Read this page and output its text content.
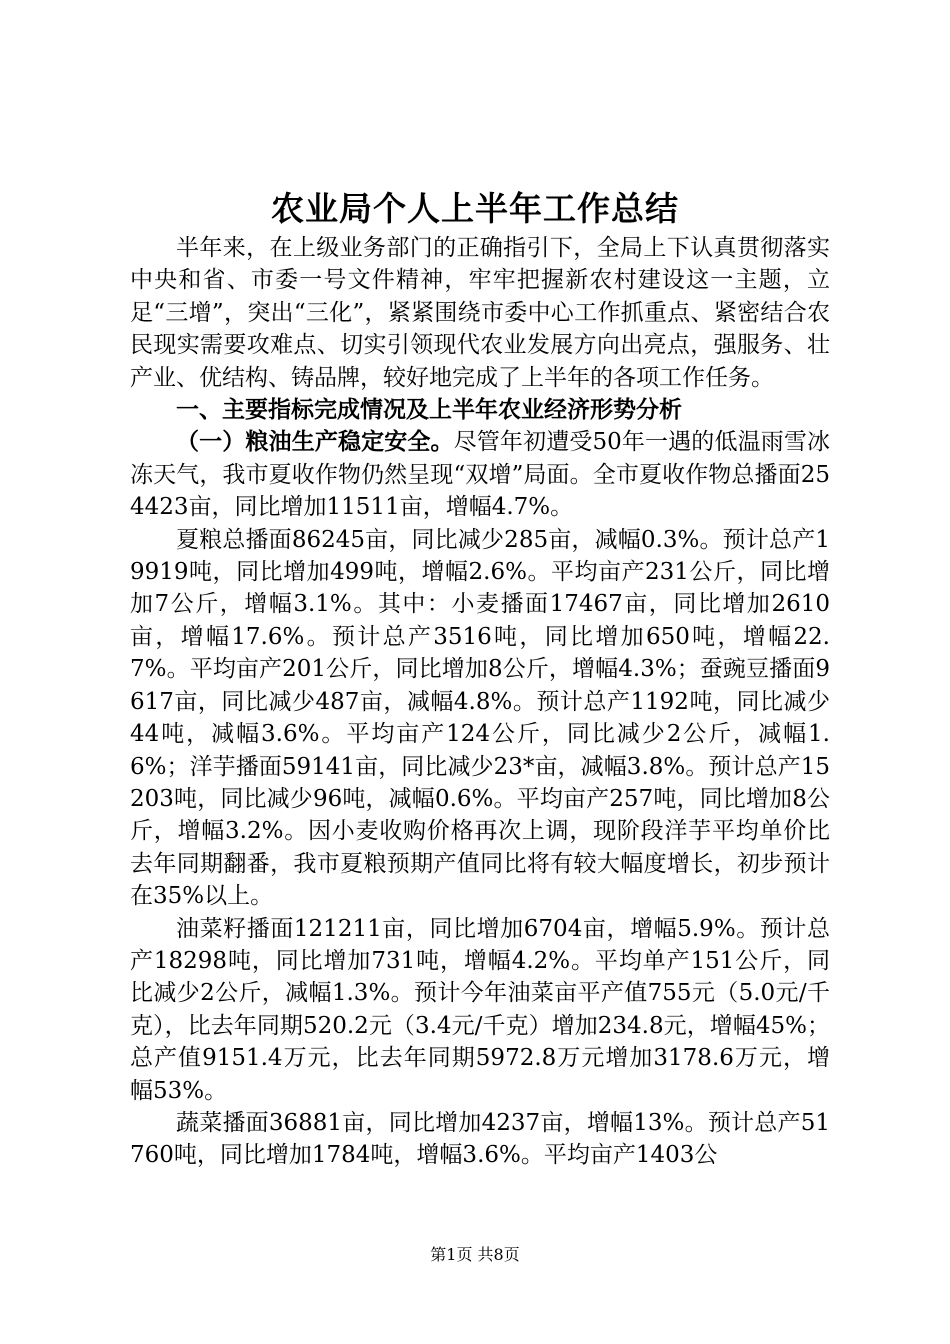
农业局个人上半年工作总结

半年来，在上级业务部门的正确指引下，全局上下认真贯彻落实中央和省、市委一号文件精神，牢牢把握新农村建设这一主题，立足“三增”，突出“三化”，紧紧围绕市委中心工作抓重点、紧密结合农民现实需要攻难点、切实引领现代农业发展方向出亮点，强服务、壮产业、优结构、铸品牌，较好地完成了上半年的各项工作任务。

一、主要指标完成情况及上半年农业经济形势分析

（一）粮油生产稳定安全。尽管年初遭受50年一遇的低温雨雪冰冻天气，我市夏收作物仍然呈现“双增”局面。全市夏收作物总播面254423亩，同比增加11511亩，增幅4.7%。

夏粮总播面86245亩，同比减少285亩，减幅0.3%。预计总产19919吨，同比增加499吨，增幅2.6%。平均亩产231公斤，同比增加7公斤，增幅3.1%。其中：小麦播面17467亩，同比增加2610亩，增幅17.6%。预计总产3516吨，同比增加650吨，增幅22.7%。平均亩产201公斤，同比增加8公斤，增幅4.3%；蚕豌豆播面9617亩，同比减少487亩，减幅4.8%。预计总产1192吨，同比减少44吨，减幅3.6%。平均亩产124公斤，同比减少2公斤，减幅1.6%；洋芋播面59141亩，同比减少23*亩，减幅3.8%。预计总产15203吨，同比减少96吨，减幅0.6%。平均亩产257吨，同比增加8公斤，增幅3.2%。因小麦收购价格再次上调，现阶段洋芋平均单价比去年同期翻番，我市夏粮预期产值同比将有较大幅度增长，初步预计在35%以上。

油菜籽播面121211亩，同比增加6704亩，增幅5.9%。预计总产18298吨，同比增加731吨，增幅4.2%。平均单产151公斤，同比减少2公斤，减幅1.3%。预计今年油菜亩平产值755元（5.0元/千克），比去年同期520.2元（3.4元/千克）增加234.8元，增幅45%；总产值9151.4万元，比去年同期5972.8万元增加3178.6万元，增幅53%。

蔬菜播面36881亩，同比增加4237亩，增幅13%。预计总产51760吨，同比增加1784吨，增幅3.6%。平均亩产1403公

第1页 共8页
